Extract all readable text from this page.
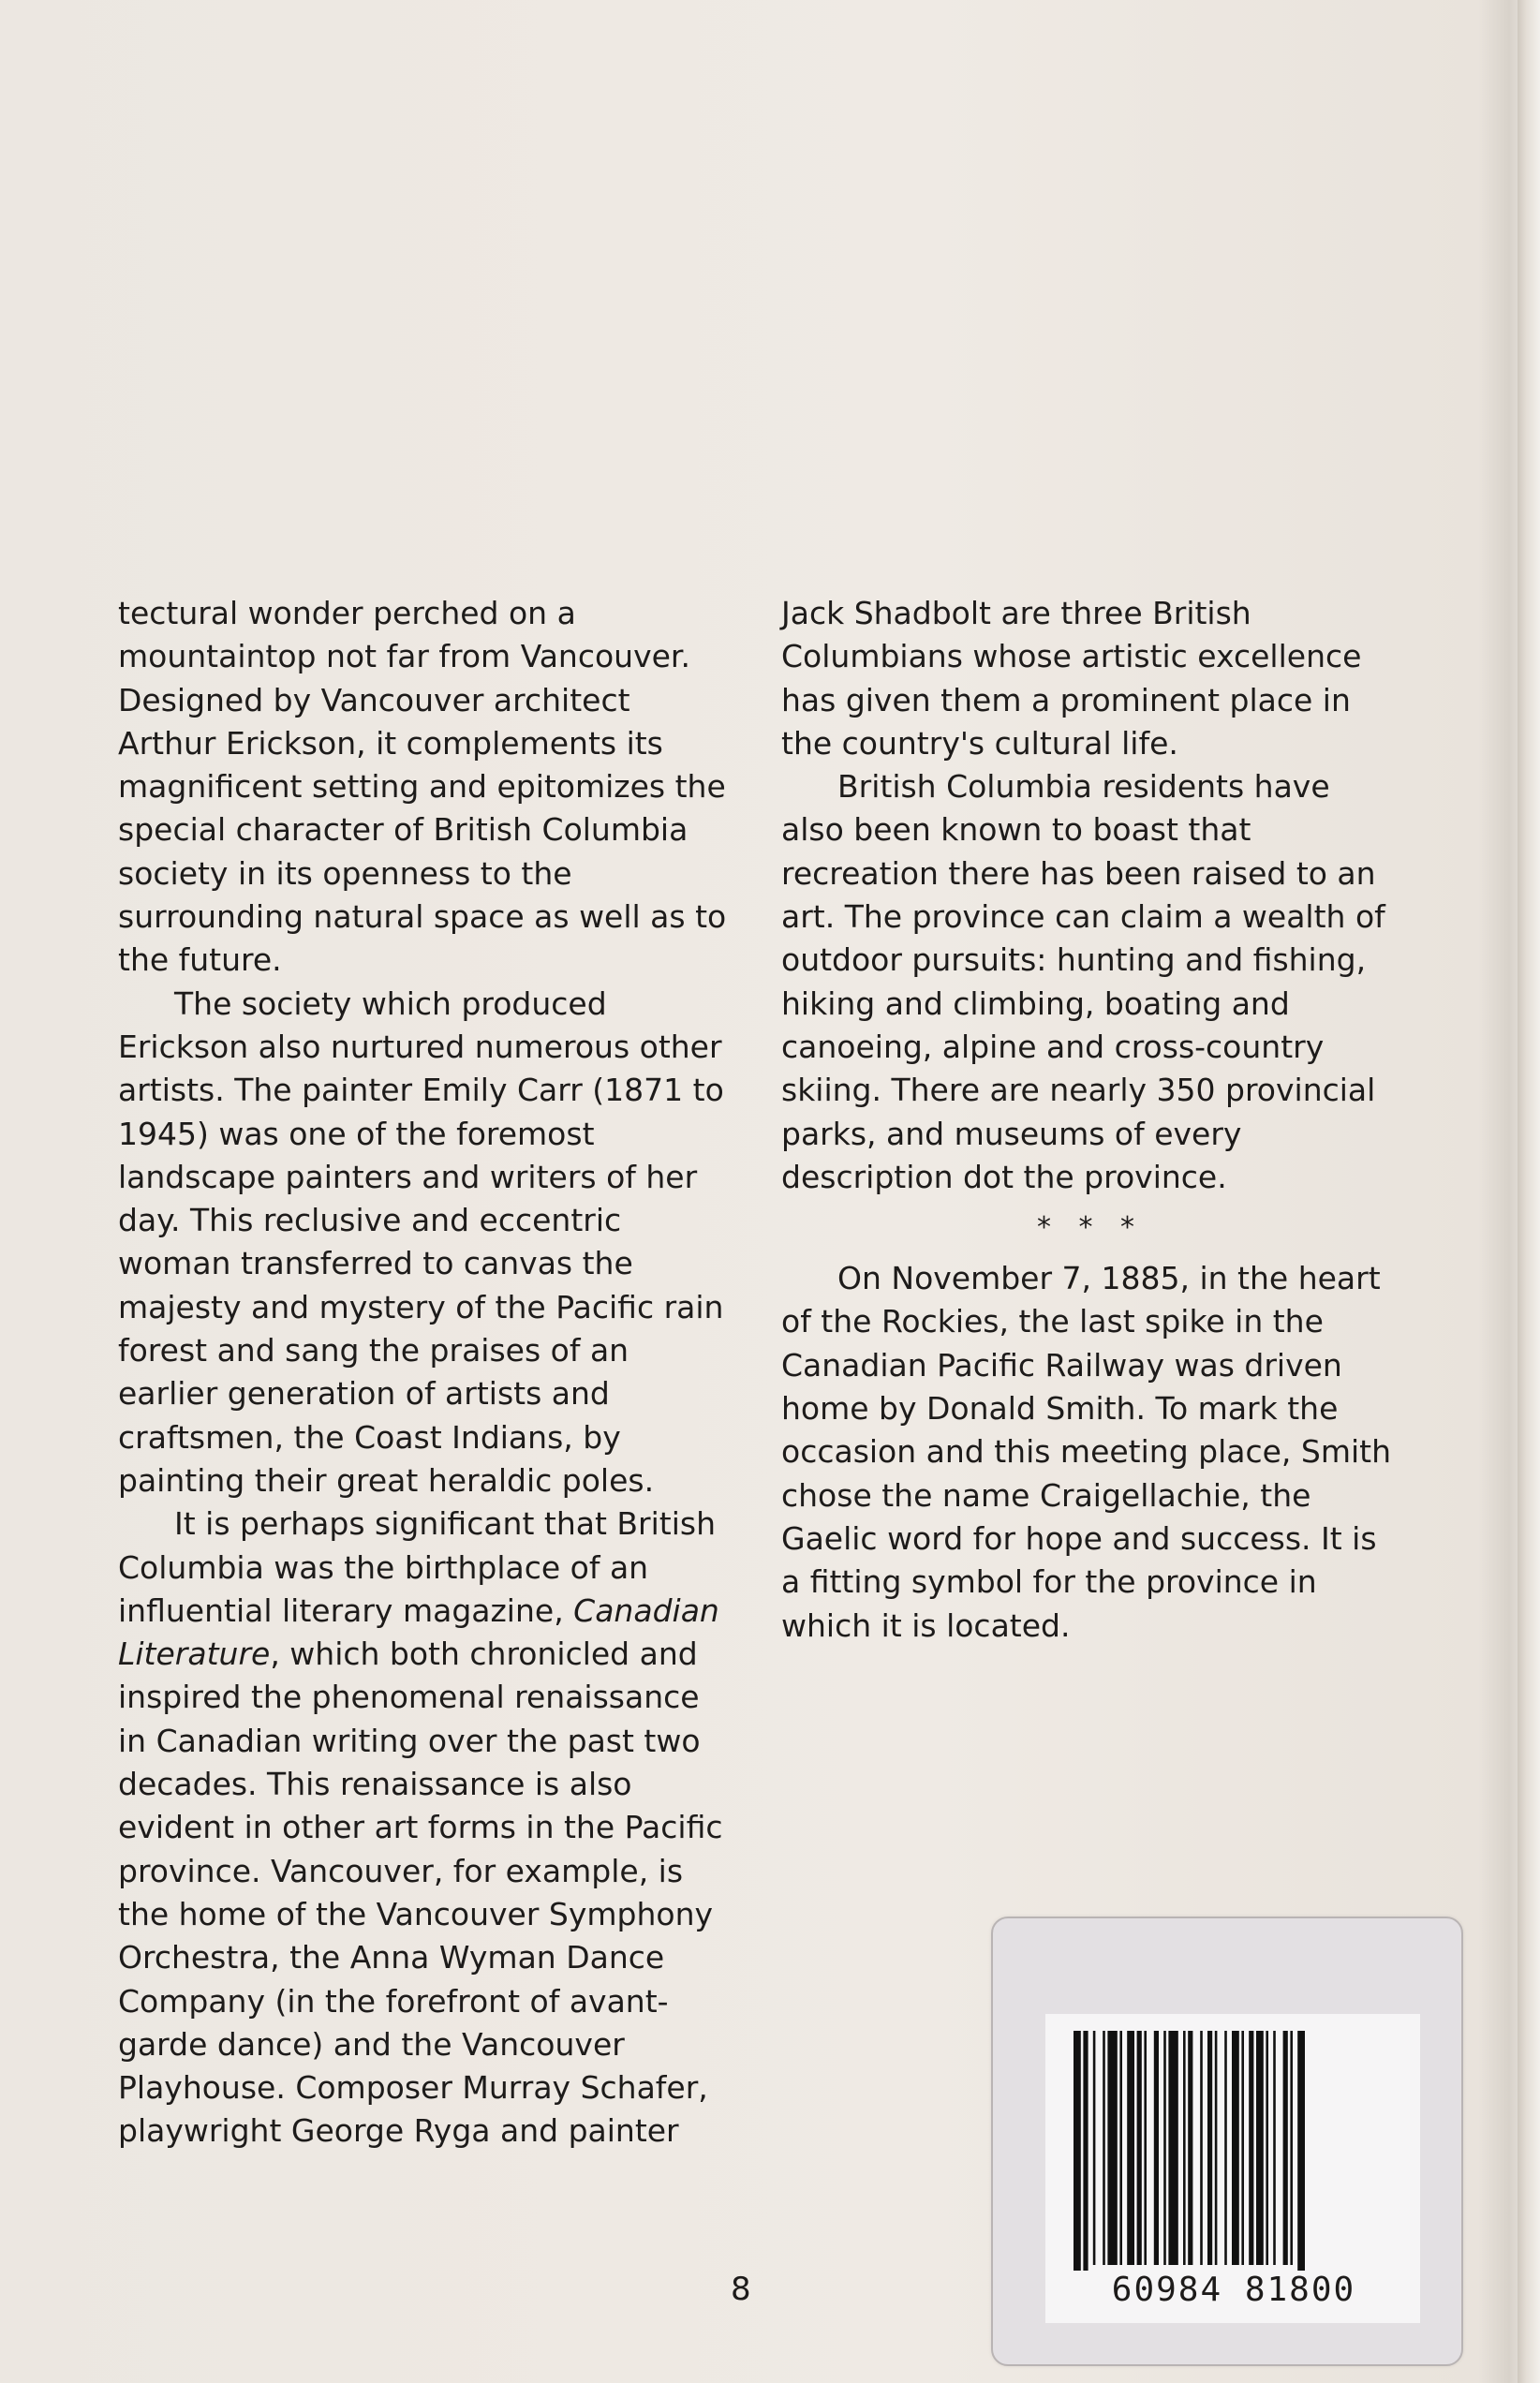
tectural wonder perched on a mountaintop not far from Vancouver. Designed by Vancouver architect Arthur Erickson, it complements its magnificent setting and epitomizes the special character of British Columbia society in its openness to the surrounding natural space as well as to the future.

The society which produced Erickson also nurtured numerous other artists. The painter Emily Carr (1871 to 1945) was one of the foremost landscape painters and writers of her day. This reclusive and eccentric woman transferred to canvas the majesty and mystery of the Pacific rain forest and sang the praises of an earlier generation of artists and craftsmen, the Coast Indians, by painting their great heraldic poles.

It is perhaps significant that British Columbia was the birthplace of an influential literary magazine, Canadian Literature, which both chronicled and inspired the phenomenal renaissance in Canadian writing over the past two decades. This renaissance is also evident in other art forms in the Pacific province. Vancouver, for example, is the home of the Vancouver Symphony Orchestra, the Anna Wyman Dance Company (in the forefront of avant-garde dance) and the Vancouver Playhouse. Composer Murray Schafer, playwright George Ryga and painter

Jack Shadbolt are three British Columbians whose artistic excellence has given them a prominent place in the country's cultural life.

British Columbia residents have also been known to boast that recreation there has been raised to an art. The province can claim a wealth of outdoor pursuits: hunting and fishing, hiking and climbing, boating and canoeing, alpine and cross-country skiing. There are nearly 350 provincial parks, and museums of every description dot the province.

* * *

On November 7, 1885, in the heart of the Rockies, the last spike in the Canadian Pacific Railway was driven home by Donald Smith. To mark the occasion and this meeting place, Smith chose the name Craigellachie, the Gaelic word for hope and success. It is a fitting symbol for the province in which it is located.

8	60984 81800
